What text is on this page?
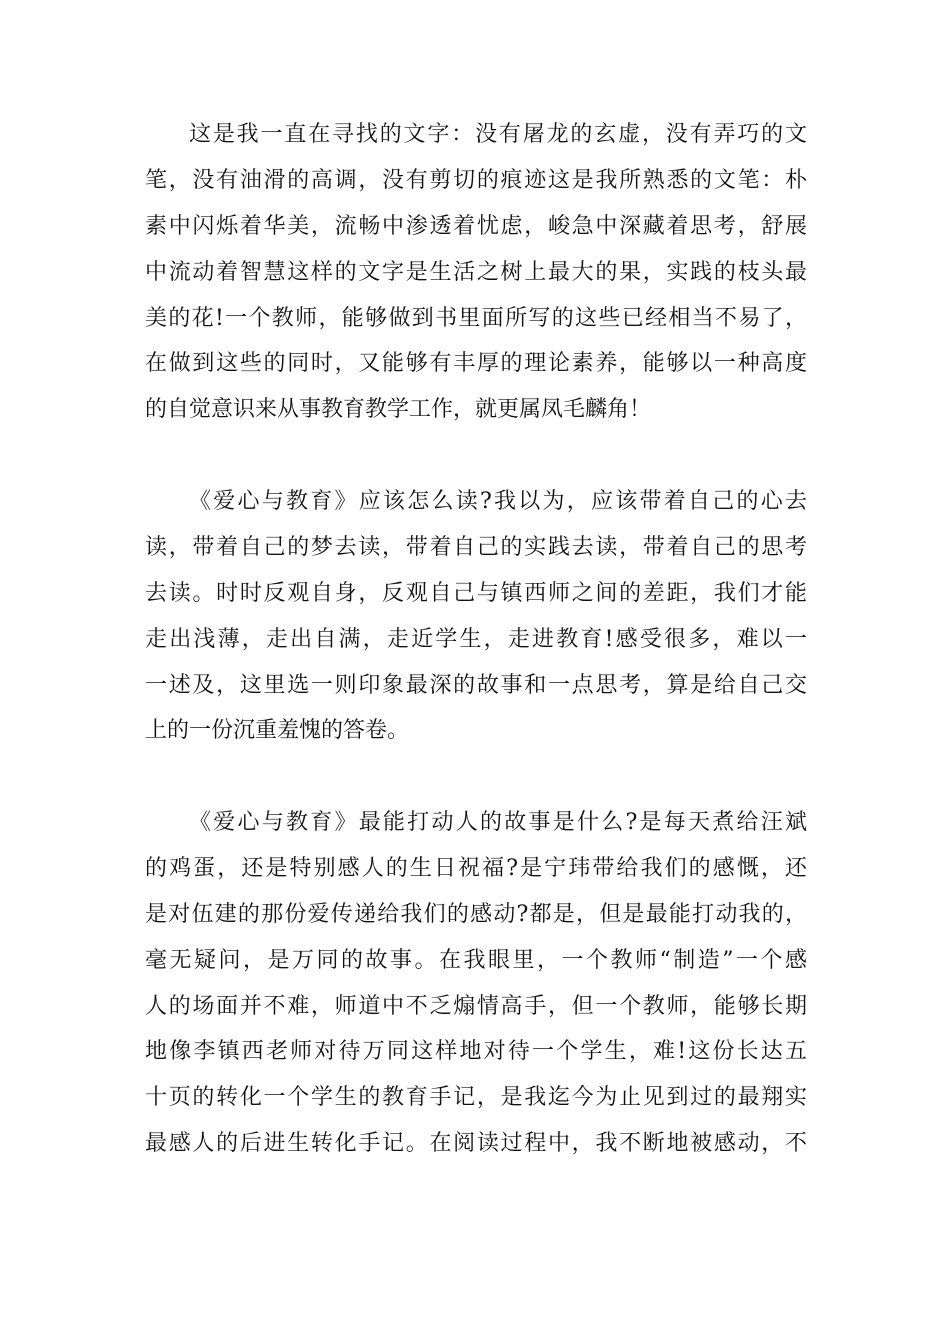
这是我一直在寻找的文字：没有屠龙的玄虚，没有弄巧的文
笔，没有油滑的高调，没有剪切的痕迹这是我所熟悉的文笔：朴
素中闪烁着华美，流畅中渗透着忧虑，峻急中深藏着思考，舒展
中流动着智慧这样的文字是生活之树上最大的果，实践的枝头最
美的花!一个教师，能够做到书里面所写的这些已经相当不易了，
在做到这些的同时，又能够有丰厚的理论素养，能够以一种高度
的自觉意识来从事教育教学工作，就更属凤毛麟角！
《爱心与教育》应该怎么读?我以为，应该带着自己的心去
读，带着自己的梦去读，带着自己的实践去读，带着自己的思考
去读。时时反观自身，反观自己与镇西师之间的差距，我们才能
走出浅薄，走出自满，走近学生，走进教育!感受很多，难以一
一述及，这里选一则印象最深的故事和一点思考，算是给自己交
上的一份沉重羞愧的答卷。
《爱心与教育》最能打动人的故事是什么?是每天煮给汪斌
的鸡蛋，还是特别感人的生日祝福?是宁玮带给我们的感慨，还
是对伍建的那份爱传递给我们的感动?都是，但是最能打动我的，
毫无疑问，是万同的故事。在我眼里，一个教师“制造”一个感
人的场面并不难，师道中不乏煽情高手，但一个教师，能够长期
地像李镇西老师对待万同这样地对待一个学生，难!这份长达五
十页的转化一个学生的教育手记，是我迄今为止见到过的最翔实
最感人的后进生转化手记。在阅读过程中，我不断地被感动，不
